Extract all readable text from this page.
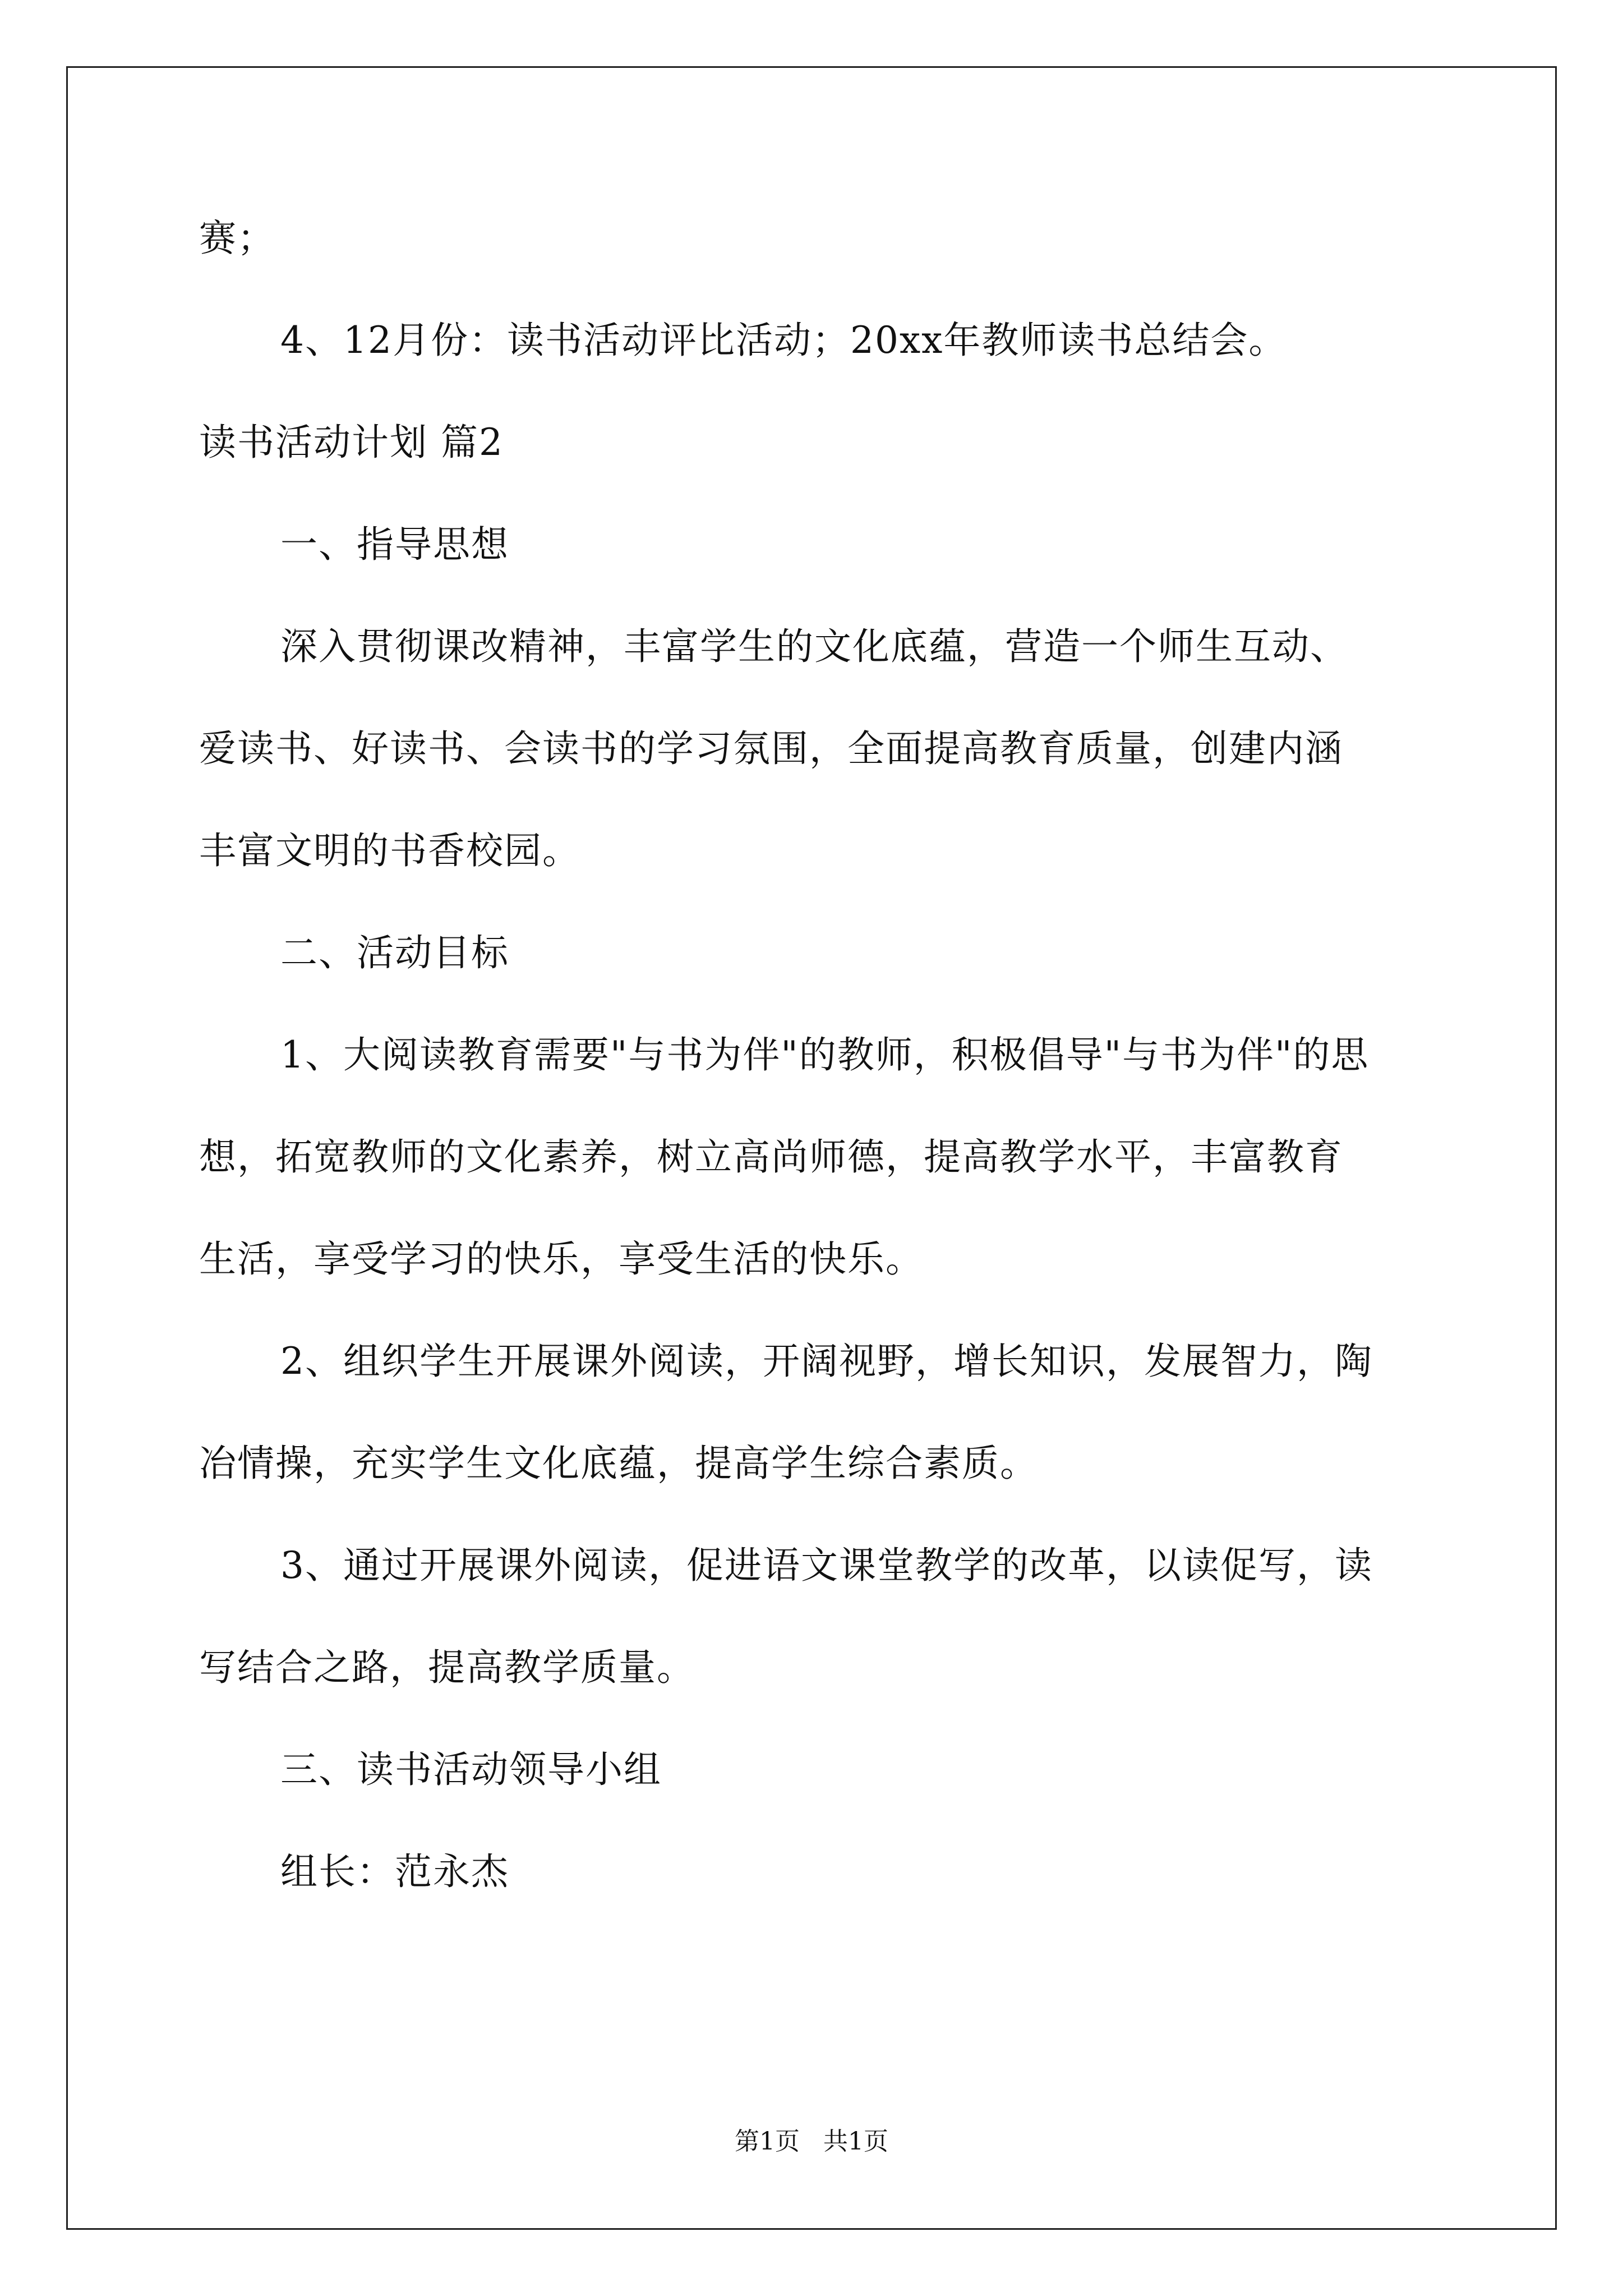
赛；
4、12月份：读书活动评比活动；20xx年教师读书总结会。
读书活动计划 篇2
一、指导思想
深入贯彻课改精神，丰富学生的文化底蕴，营造一个师生互动、
爱读书、好读书、会读书的学习氛围，全面提高教育质量，创建内涵
丰富文明的书香校园。
二、活动目标
1、大阅读教育需要"与书为伴"的教师，积极倡导"与书为伴"的思
想，拓宽教师的文化素养，树立高尚师德，提高教学水平，丰富教育
生活，享受学习的快乐，享受生活的快乐。
2、组织学生开展课外阅读，开阔视野，增长知识，发展智力，陶
冶情操，充实学生文化底蕴，提高学生综合素质。
3、通过开展课外阅读，促进语文课堂教学的改革，以读促写，读
写结合之路，提高教学质量。
三、读书活动领导小组
组长：范永杰
第1页   共1页
